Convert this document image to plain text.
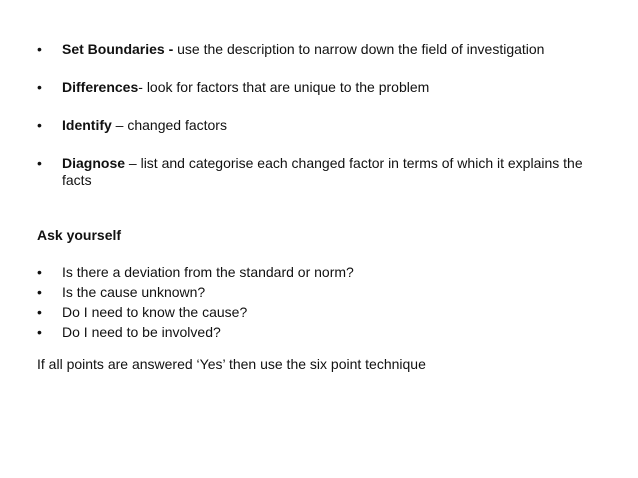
•	Set Boundaries - use the description to narrow down the field of investigation
•	Differences- look for factors that are unique to the problem
•	Identify – changed factors
•	Diagnose – list and categorise each changed factor in terms of which it explains the facts
Ask yourself
•	Is there a deviation from the standard or norm?
•	Is the cause unknown?
•	Do I need to know the cause?
•	Do I need to be involved?
If all points are answered ‘Yes’ then use the six point technique
